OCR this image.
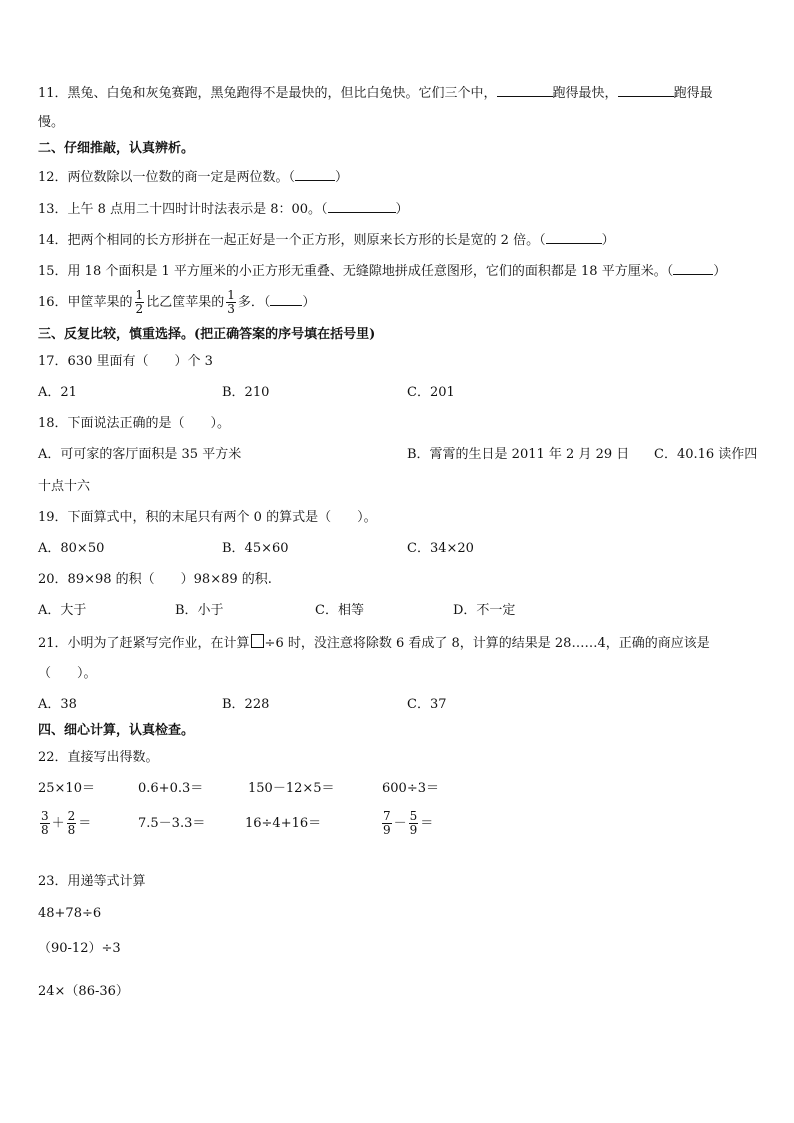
11．黑兔、白兔和灰兔赛跑，黑兔跑得不是最快的，但比白兔快。它们三个中，	跑得最快，	跑得最
慢。
二、仔细推敲，认真辨析。
12．两位数除以一位数的商一定是两位数。（	）
13．上午 8 点用二十四时计时法表示是 8：00。（	）
14．把两个相同的长方形拼在一起正好是一个正方形，则原来长方形的长是宽的 2 倍。（	）
15．用 18 个面积是 1 平方厘米的小正方形无重叠、无缝隙地拼成任意图形，它们的面积都是 18 平方厘米。（	）
16．甲筐苹果的 $\frac{1}{2}$ 比乙筐苹果的 $\frac{1}{3}$ 多．（ ）
三、反复比较，慎重选择。(把正确答案的序号填在括号里)
17．630 里面有（　　）个 3
A．21	B．210	C．201
18．下面说法正确的是（　　）。
A．可可家的客厅面积是 35 平方米	B．霄霄的生日是 2011 年 2 月 29 日 C．40.16 读作四
十点十六
19．下面算式中，积的末尾只有两个 0 的算式是（　　）。
A．80×50	B．45×60	C．34×20
20．89×98 的积（　　）98×89 的积.
A．大于	B．小于	C．相等	D．不一定
21．小明为了赶紧写完作业，在计算 ÷6 时，没注意将除数 6 看成了 8，计算的结果是 28……4，正确的商应该是
（　　）。
A．38	B．228	C．37
四、细心计算，认真检查。
22．直接写出得数。
25×10＝	0.6+0.3＝	150－12×5＝	600÷3＝
$\frac{3}{8} + \frac{2}{8}$ ＝	7.5－3.3＝	16÷4+16＝	$\frac{7}{9} - \frac{5}{9}$ ＝
23．用递等式计算
48+78÷6
（90-12）÷3
24×（86-36）
